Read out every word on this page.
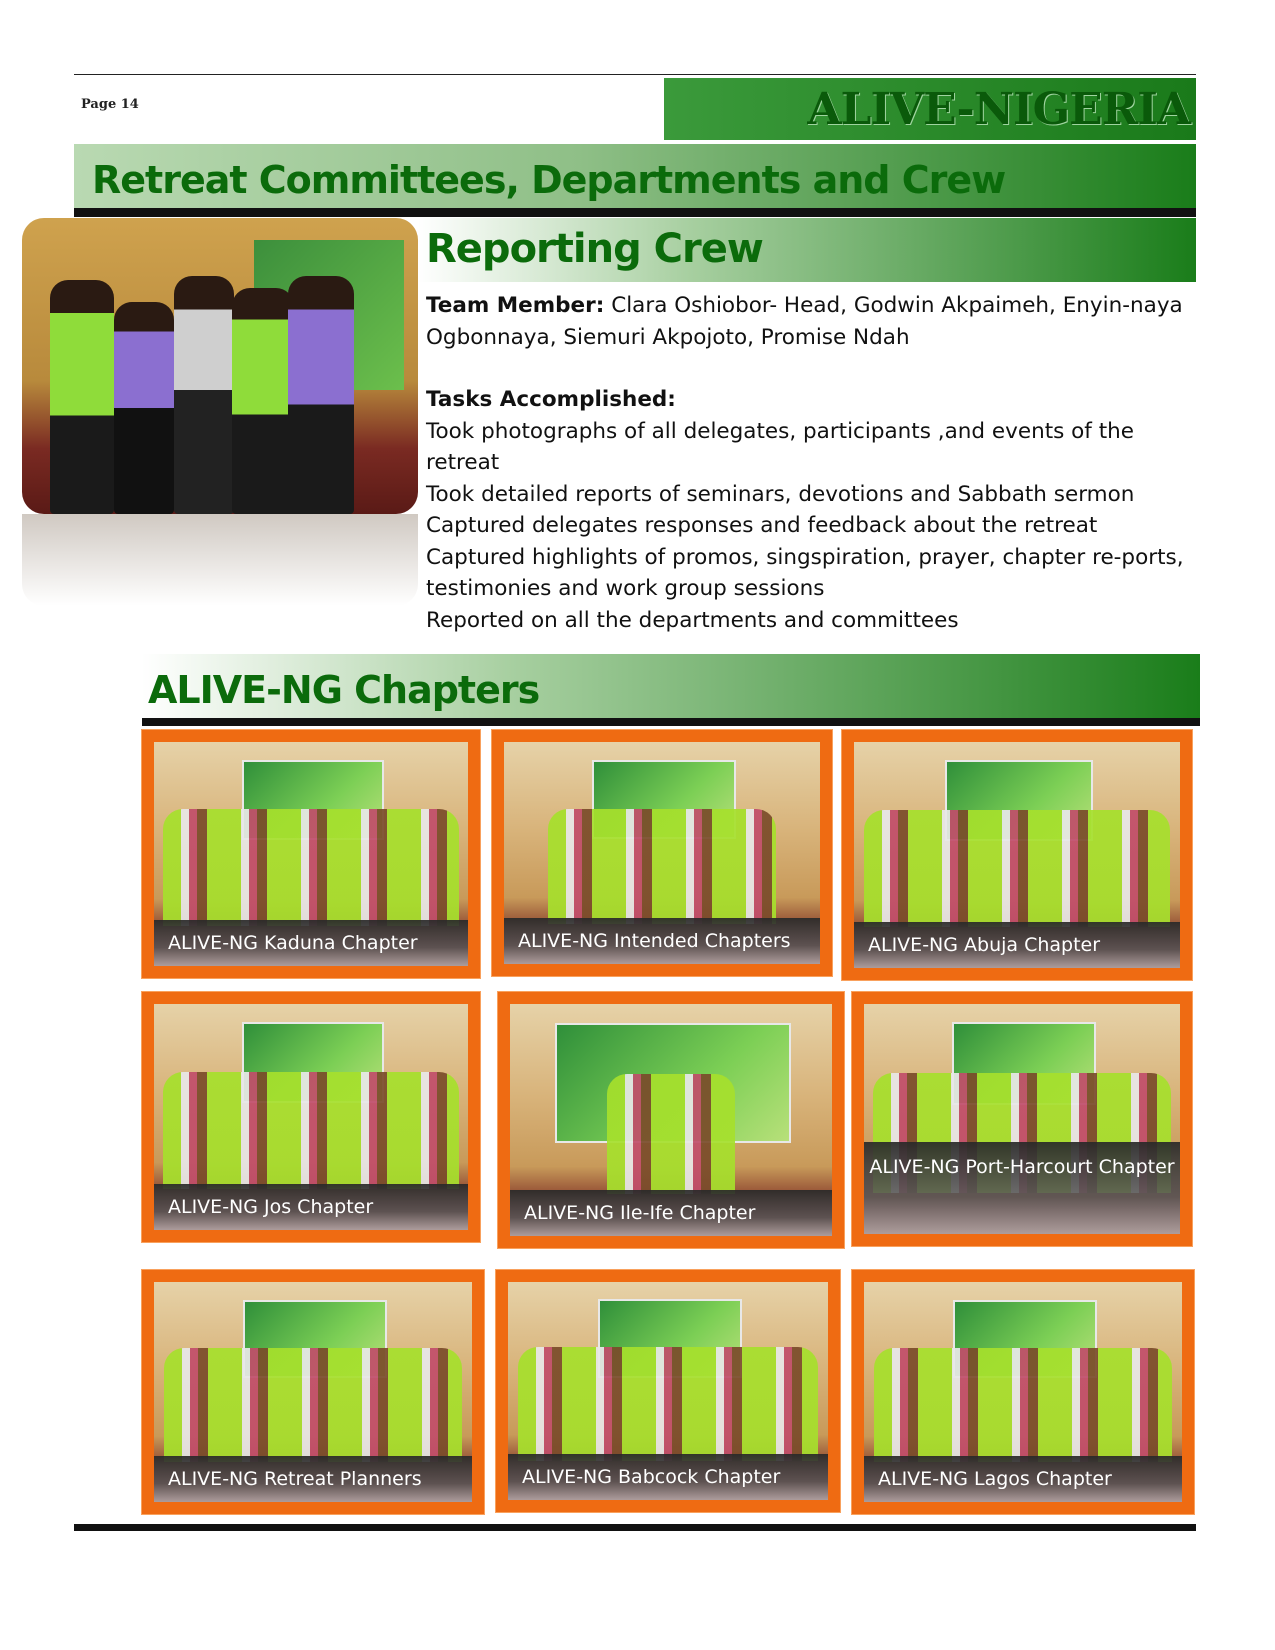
Page 14	ALIVE-NIGERIA
Retreat Committees, Departments and Crew
Reporting Crew

Team Member: Clara Oshiobor- Head, Godwin Akpaimeh, Enyin-naya Ogbonnaya, Siemuri Akpojoto, Promise Ndah

Tasks Accomplished:

Took photographs of all delegates, participants ,and events of the retreat

Took detailed reports of seminars, devotions and Sabbath sermon

Captured delegates responses and feedback about the retreat

Captured highlights of promos, singspiration, prayer, chapter re-ports, testimonies and work group sessions

Reported on all the departments and committees

ALIVE-NG Chapters
ALIVE-NG Kaduna Chapter	ALIVE-NG Intended Chapters	ALIVE-NG Abuja Chapter
ALIVE-NG Jos Chapter	ALIVE-NG Ile-Ife Chapter
ALIVE-NG Port-Harcourt Chapter
ALIVE-NG Retreat Planners	ALIVE-NG Babcock Chapter	ALIVE-NG Lagos Chapter
